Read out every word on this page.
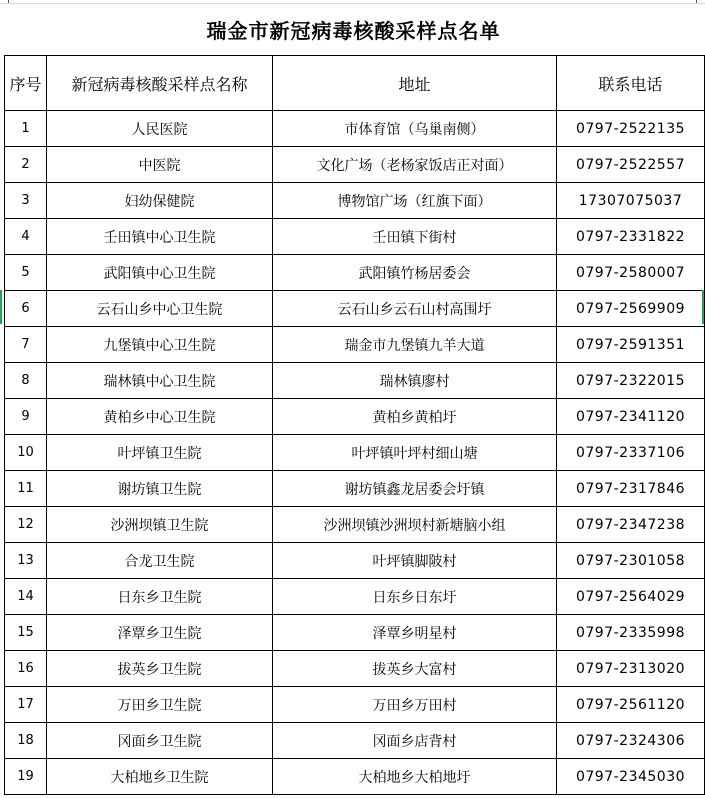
瑞金市新冠病毒核酸采样点名单
序号	新冠病毒核酸采样点名称	地址	联系电话
1	人民医院	市体育馆（乌巢南侧）	0797-2522135
2	中医院	文化广场（老杨家饭店正对面）	0797-2522557
3	妇幼保健院	博物馆广场（红旗下面）	17307075037
4	壬田镇中心卫生院	壬田镇下街村	0797-2331822
5	武阳镇中心卫生院	武阳镇竹杨居委会	0797-2580007
6	云石山乡中心卫生院	云石山乡云石山村高围圩	0797-2569909
7	九堡镇中心卫生院	瑞金市九堡镇九羊大道	0797-2591351
8	瑞林镇中心卫生院	瑞林镇廖村	0797-2322015
9	黄柏乡中心卫生院	黄柏乡黄柏圩	0797-2341120
10	叶坪镇卫生院	叶坪镇叶坪村细山塘	0797-2337106
11	谢坊镇卫生院	谢坊镇鑫龙居委会圩镇	0797-2317846
12	沙洲坝镇卫生院	沙洲坝镇沙洲坝村新塘脑小组	0797-2347238
13	合龙卫生院	叶坪镇脚陂村	0797-2301058
14	日东乡卫生院	日东乡日东圩	0797-2564029
15	泽覃乡卫生院	泽覃乡明星村	0797-2335998
16	拔英乡卫生院	拔英乡大富村	0797-2313020
17	万田乡卫生院	万田乡万田村	0797-2561120
18	冈面乡卫生院	冈面乡店背村	0797-2324306
19	大柏地乡卫生院	大柏地乡大柏地圩	0797-2345030
